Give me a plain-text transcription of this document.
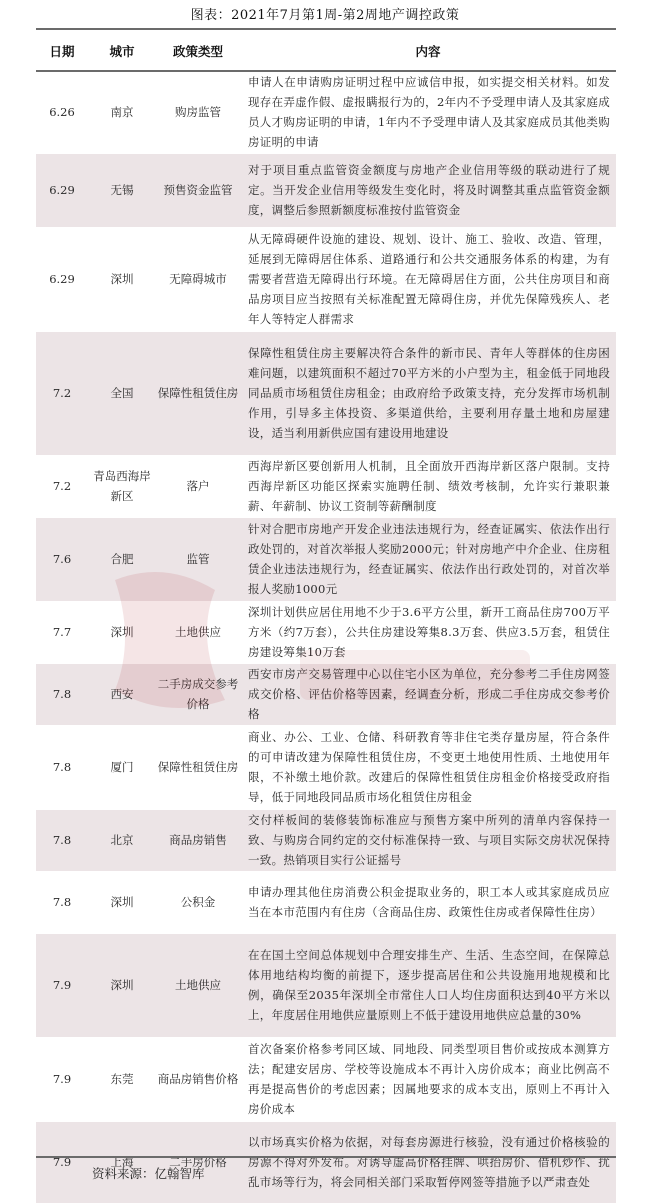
图表：2021年7月第1周-第2周地产调控政策
日期	城市	政策类型	内容
6.26	南京	购房监管	申请人在申请购房证明过程中应诚信申报，如实提交相关材料。如发现存在弄虚作假、虚报瞒报行为的，2年内不予受理申请人及其家庭成员人才购房证明的申请，1年内不予受理申请人及其家庭成员其他类购房证明的申请
6.29	无锡	预售资金监管	对于项目重点监管资金额度与房地产企业信用等级的联动进行了规定。当开发企业信用等级发生变化时，将及时调整其重点监管资金额度，调整后参照新额度标准按付监管资金
6.29	深圳	无障碍城市	从无障碍硬件设施的建设、规划、设计、施工、验收、改造、管理，延展到无障碍居住体系、道路通行和公共交通服务体系的构建，为有需要者营造无障碍出行环境。在无障碍居住方面，公共住房项目和商品房项目应当按照有关标准配置无障碍住房，并优先保障残疾人、老年人等特定人群需求
7.2	全国	保障性租赁住房	保障性租赁住房主要解决符合条件的新市民、青年人等群体的住房困难问题，以建筑面积不超过70平方米的小户型为主，租金低于同地段同品质市场租赁住房租金；由政府给予政策支持，充分发挥市场机制作用，引导多主体投资、多渠道供给，主要利用存量土地和房屋建设，适当利用新供应国有建设用地建设
7.2	青岛西海岸新区	落户	西海岸新区要创新用人机制，且全面放开西海岸新区落户限制。支持西海岸新区功能区探索实施聘任制、绩效考核制，允许实行兼职兼薪、年薪制、协议工资制等薪酬制度
7.6	合肥	监管	针对合肥市房地产开发企业违法违规行为，经查证属实、依法作出行政处罚的，对首次举报人奖励2000元；针对房地产中介企业、住房租赁企业违法违规行为，经查证属实、依法作出行政处罚的，对首次举报人奖励1000元
7.7	深圳	土地供应	深圳计划供应居住用地不少于3.6平方公里，新开工商品住房700万平方米（约7万套），公共住房建设筹集8.3万套、供应3.5万套，租赁住房建设筹集10万套
7.8	西安	二手房成交参考价格	西安市房产交易管理中心以住宅小区为单位，充分参考二手住房网签成交价格、评估价格等因素，经调查分析，形成二手住房成交参考价格
7.8	厦门	保障性租赁住房	商业、办公、工业、仓储、科研教育等非住宅类存量房屋，符合条件的可申请改建为保障性租赁住房，不变更土地使用性质、土地使用年限，不补缴土地价款。改建后的保障性租赁住房租金价格接受政府指导，低于同地段同品质市场化租赁住房租金
7.8	北京	商品房销售	交付样板间的装修装饰标准应与预售方案中所列的清单内容保持一致、与购房合同约定的交付标准保持一致、与项目实际交房状况保持一致。热销项目实行公证摇号
7.8	深圳	公积金	申请办理其他住房消费公积金提取业务的，职工本人或其家庭成员应当在本市范围内有住房（含商品住房、政策性住房或者保障性住房）
7.9	深圳	土地供应	在在国土空间总体规划中合理安排生产、生活、生态空间，在保障总体用地结构均衡的前提下，逐步提高居住和公共设施用地规模和比例，确保至2035年深圳全市常住人口人均住房面积达到40平方米以上，年度居住用地供应量原则上不低于建设用地供应总量的30%
7.9	东莞	商品房销售价格	首次备案价格参考同区域、同地段、同类型项目售价或按成本测算方法；配建安居房、学校等设施成本不再计入房价成本；商业比例高不再是提高售价的考虑因素；因属地要求的成本支出，原则上不再计入房价成本
7.9	上海	二手房价格	以市场真实价格为依据，对每套房源进行核验，没有通过价格核验的房源不得对外发布。对诱导虚高价格挂牌、哄抬房价、借机炒作、扰乱市场等行为，将会同相关部门采取暂停网签等措施予以严肃查处
资料来源：亿翰智库
